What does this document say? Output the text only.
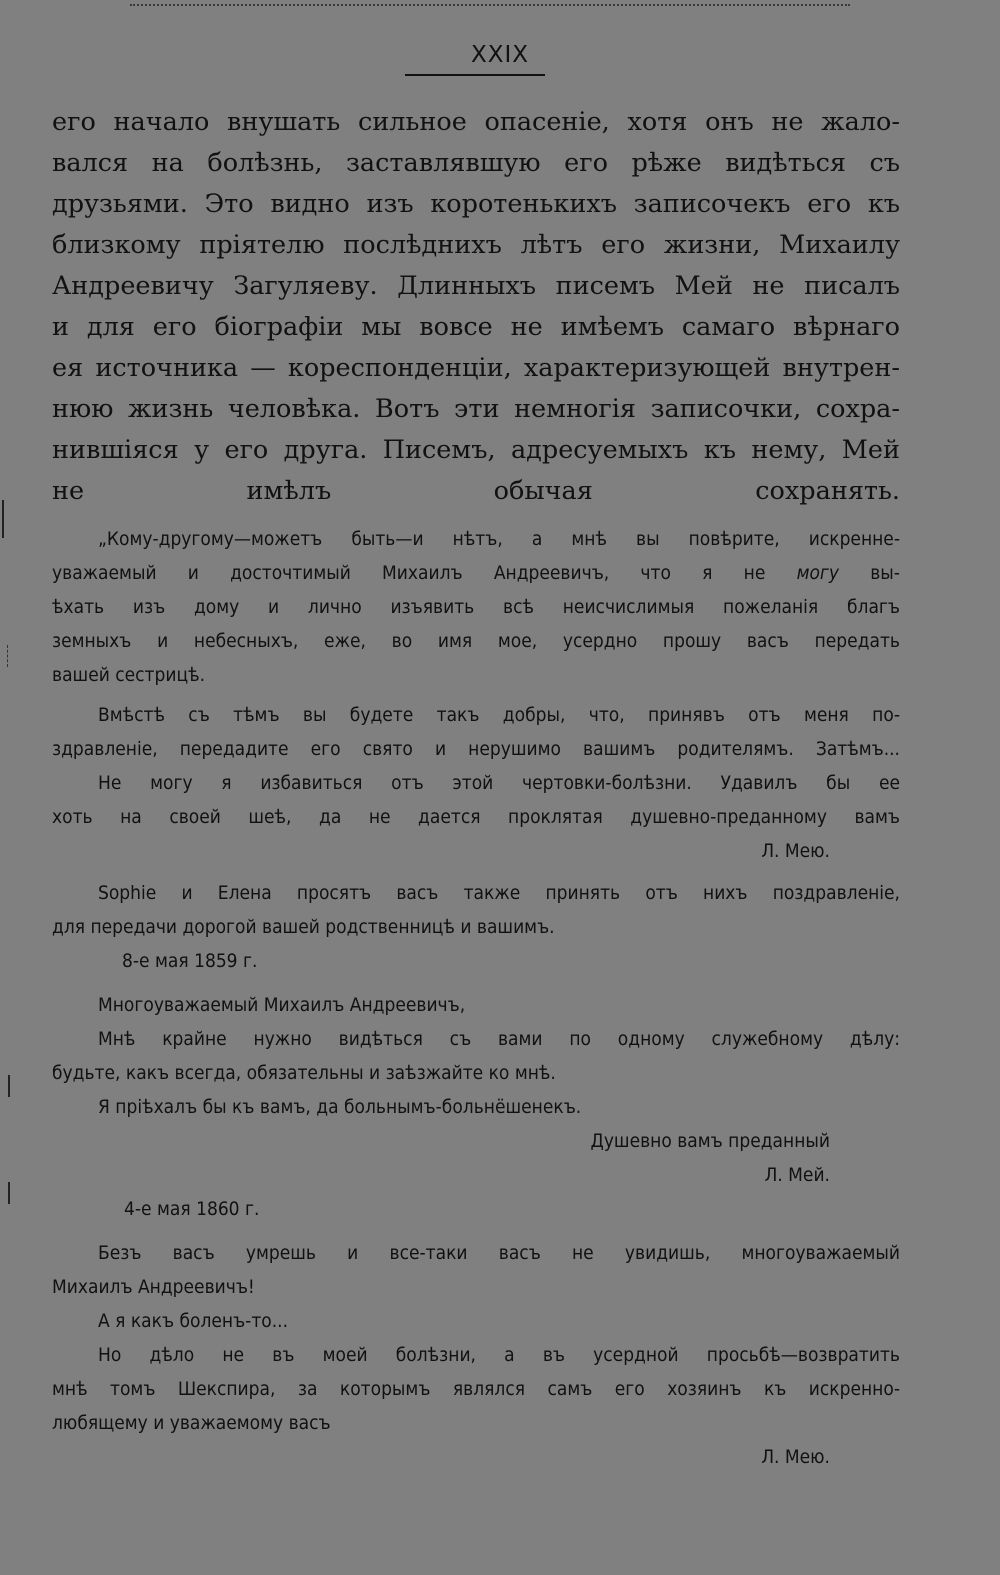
XXIX
его начало внушать сильное опасеніе, хотя онъ не жало-
вался на болѣзнь, заставлявшую его рѣже видѣться съ
друзьями. Это видно изъ коротенькихъ записочекъ его къ
близкому пріятелю послѣднихъ лѣтъ его жизни, Михаилу
Андреевичу Загуляеву. Длинныхъ писемъ Мей не писалъ
и для его біографіи мы вовсе не имѣемъ самаго вѣрнаго
ея источника — кореспонденціи, характеризующей внутрен-
нюю жизнь человѣка. Вотъ эти немногія записочки, сохра-
нившіяся у его друга. Писемъ, адресуемыхъ къ нему, Мей
не имѣлъ обычая сохранять.
„Кому-другому—можетъ быть—и нѣтъ, а мнѣ вы повѣрите, искренне-
уважаемый и досточтимый Михаилъ Андреевичъ, что я не могу вы-
ѣхать изъ дому и лично изъявить всѣ неисчислимыя пожеланія благъ
земныхъ и небесныхъ, еже, во имя мое, усердно прошу васъ передать
вашей сестрицѣ.
Вмѣстѣ съ тѣмъ вы будете такъ добры, что, принявъ отъ меня по-
здравленіе, передадите его свято и нерушимо вашимъ родителямъ. Затѣмъ...
Не могу я избавиться отъ этой чертовки-болѣзни. Удавилъ бы ее
хоть на своей шеѣ, да не дается проклятая душевно-преданному вамъ
Л. Мею.
Sophie и Елена просятъ васъ также принять отъ нихъ поздравленіе,
для передачи дорогой вашей родственницѣ и вашимъ.
8-е мая 1859 г.
Многоуважаемый Михаилъ Андреевичъ,
Мнѣ крайне нужно видѣться съ вами по одному служебному дѣлу:
будьте, какъ всегда, обязательны и заѣзжайте ко мнѣ.
Я пріѣхалъ бы къ вамъ, да больнымъ-больнёшенекъ.
Душевно вамъ преданный
Л. Мей.
4-е мая 1860 г.
Безъ васъ умрешь и все-таки васъ не увидишь, многоуважаемый
Михаилъ Андреевичъ!
А я какъ боленъ-то...
Но дѣло не въ моей болѣзни, а въ усердной просьбѣ—возвратить
мнѣ томъ Шекспира, за которымъ являлся самъ его хозяинъ къ искренно-
любящему и уважаемому васъ
Л. Мею.
